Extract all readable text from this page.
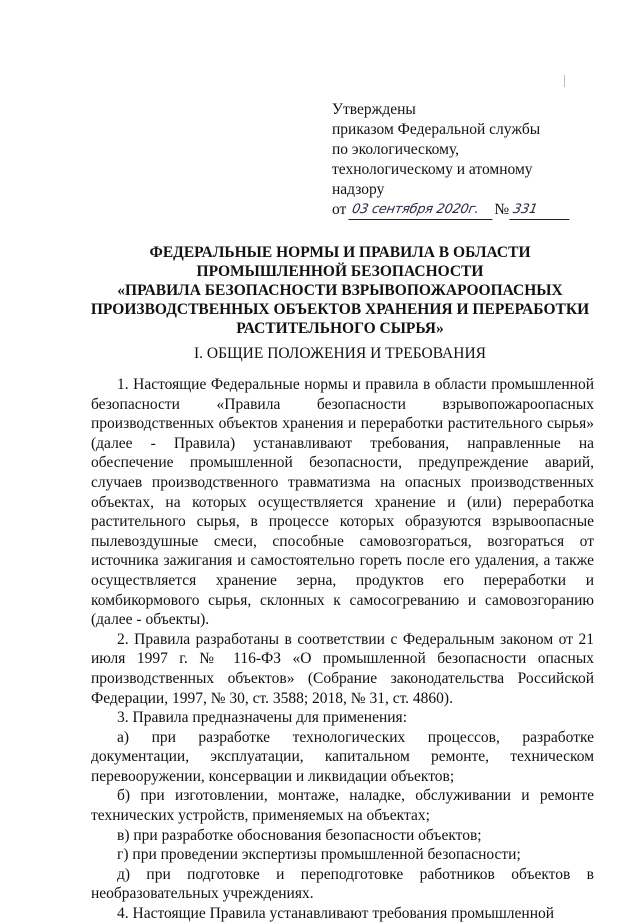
Утверждены
приказом Федеральной службы
по экологическому,
технологическому и атомному
надзору
от 03 сентября 2020г. № 331
ФЕДЕРАЛЬНЫЕ НОРМЫ И ПРАВИЛА В ОБЛАСТИ
ПРОМЫШЛЕННОЙ БЕЗОПАСНОСТИ
«ПРАВИЛА БЕЗОПАСНОСТИ ВЗРЫВОПОЖАРООПАСНЫХ
ПРОИЗВОДСТВЕННЫХ ОБЪЕКТОВ ХРАНЕНИЯ И ПЕРЕРАБОТКИ
РАСТИТЕЛЬНОГО СЫРЬЯ»
I. ОБЩИЕ ПОЛОЖЕНИЯ И ТРЕБОВАНИЯ

1. Настоящие Федеральные нормы и правила в области промышленной безопасности «Правила безопасности взрывопожароопасных производственных объектов хранения и переработки растительного сырья» (далее - Правила) устанавливают требования, направленные на обеспечение промышленной безопасности, предупреждение аварий, случаев производственного травматизма на опасных производственных объектах, на которых осуществляется хранение и (или) переработка растительного сырья, в процессе которых образуются взрывоопасные пылевоздушные смеси, способные самовозгораться, возгораться от источника зажигания и самостоятельно гореть после его удаления, а также осуществляется хранение зерна, продуктов его переработки и комбикормового сырья, склонных к самосогреванию и самовозгоранию (далее - объекты).

2. Правила разработаны в соответствии с Федеральным законом от 21 июля 1997 г. № 116-ФЗ «О промышленной безопасности опасных производственных объектов» (Собрание законодательства Российской Федерации, 1997, № 30, ст. 3588; 2018, № 31, ст. 4860).

3. Правила предназначены для применения:

а) при разработке технологических процессов, разработке документации, эксплуатации, капитальном ремонте, техническом перевооружении, консервации и ликвидации объектов;

б) при изготовлении, монтаже, наладке, обслуживании и ремонте технических устройств, применяемых на объектах;

в) при разработке обоснования безопасности объектов;

г) при проведении экспертизы промышленной безопасности;

д) при подготовке и переподготовке работников объектов в необразовательных учреждениях.

4. Настоящие Правила устанавливают требования промышленной
